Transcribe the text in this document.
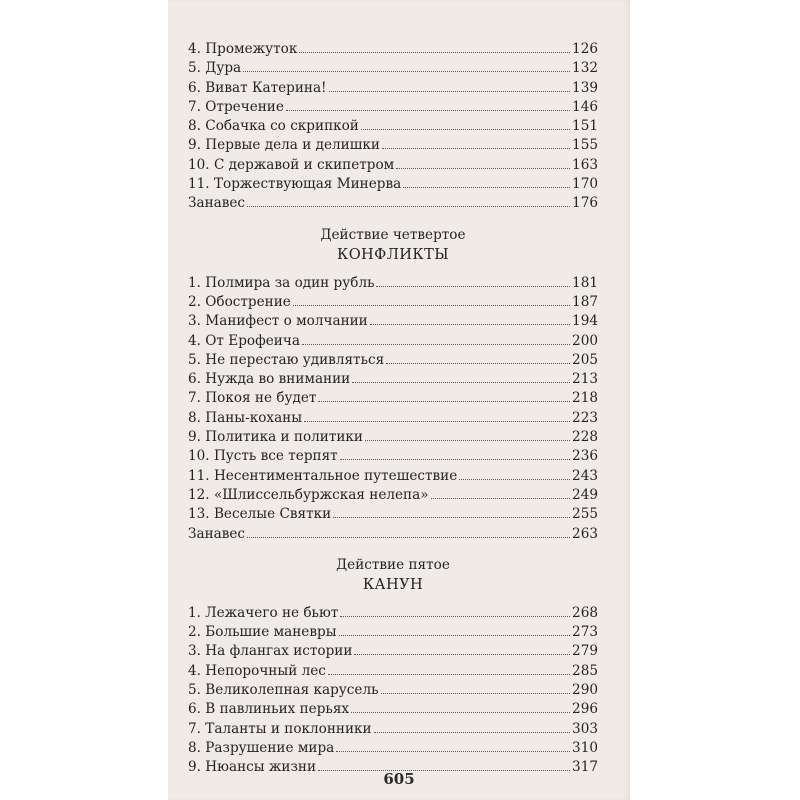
4. Промежуток	126
5. Дура	132
6. Виват Катерина!	139
7. Отречение	146
8. Собачка со скрипкой	151
9. Первые дела и делишки	155
10. С державой и скипетром	163
11. Торжествующая Минерва	170
Занавес	176
Действие четвертое
КОНФЛИКТЫ
1. Полмира за один рубль	181
2. Обострение	187
3. Манифест о молчании	194
4. От Ерофеича	200
5. Не перестаю удивляться	205
6. Нужда во внимании	213
7. Покоя не будет	218
8. Паны-коханы	223
9. Политика и политики	228
10. Пусть все терпят	236
11. Несентиментальное путешествие	243
12. «Шлиссельбуржская нелепа»	249
13. Веселые Святки	255
Занавес	263
Действие пятое
КАНУН
1. Лежачего не бьют	268
2. Большие маневры	273
3. На флангах истории	279
4. Непорочный лес	285
5. Великолепная карусель	290
6. В павлиньих перьях	296
7. Таланты и поклонники	303
8. Разрушение мира	310
9. Нюансы жизни	317
605
